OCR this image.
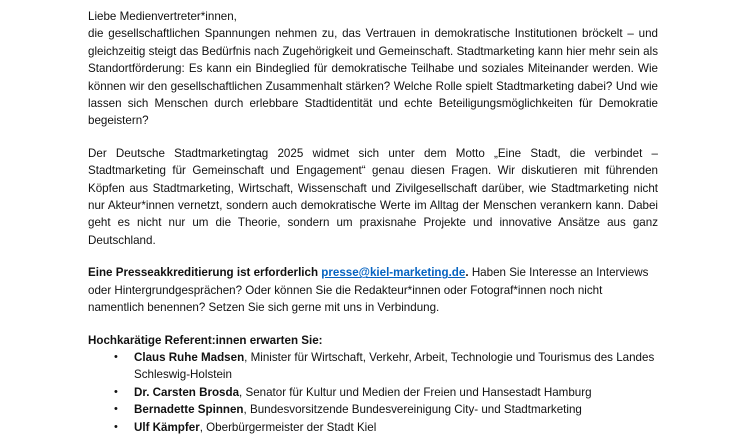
Liebe Medienvertreter*innen,

die gesellschaftlichen Spannungen nehmen zu, das Vertrauen in demokratische Institutionen bröckelt – und gleichzeitig steigt das Bedürfnis nach Zugehörigkeit und Gemeinschaft. Stadtmarketing kann hier mehr sein als Standortförderung: Es kann ein Bindeglied für demokratische Teilhabe und soziales Miteinander werden. Wie können wir den gesellschaftlichen Zusammenhalt stärken? Welche Rolle spielt Stadtmarketing dabei? Und wie lassen sich Menschen durch erlebbare Stadtidentität und echte Beteiligungsmöglichkeiten für Demokratie begeistern?

Der Deutsche Stadtmarketingtag 2025 widmet sich unter dem Motto „Eine Stadt, die verbindet – Stadtmarketing für Gemeinschaft und Engagement“ genau diesen Fragen. Wir diskutieren mit führenden Köpfen aus Stadtmarketing, Wirtschaft, Wissenschaft und Zivilgesellschaft darüber, wie Stadtmarketing nicht nur Akteur*innen vernetzt, sondern auch demokratische Werte im Alltag der Menschen verankern kann. Dabei geht es nicht nur um die Theorie, sondern um praxisnahe Projekte und innovative Ansätze aus ganz Deutschland.

Eine Presseakkreditierung ist erforderlich presse@kiel-marketing.de. Haben Sie Interesse an Interviews oder Hintergrundgesprächen? Oder können Sie die Redakteur*innen oder Fotograf*innen noch nicht namentlich benennen? Setzen Sie sich gerne mit uns in Verbindung.

Hochkarätige Referent:innen erwarten Sie:

• Claus Ruhe Madsen, Minister für Wirtschaft, Verkehr, Arbeit, Technologie und Tourismus des Landes Schleswig-Holstein
• Dr. Carsten Brosda, Senator für Kultur und Medien der Freien und Hansestadt Hamburg
• Bernadette Spinnen, Bundesvorsitzende Bundesvereinigung City- und Stadtmarketing
• Ulf Kämpfer, Oberbürgermeister der Stadt Kiel
